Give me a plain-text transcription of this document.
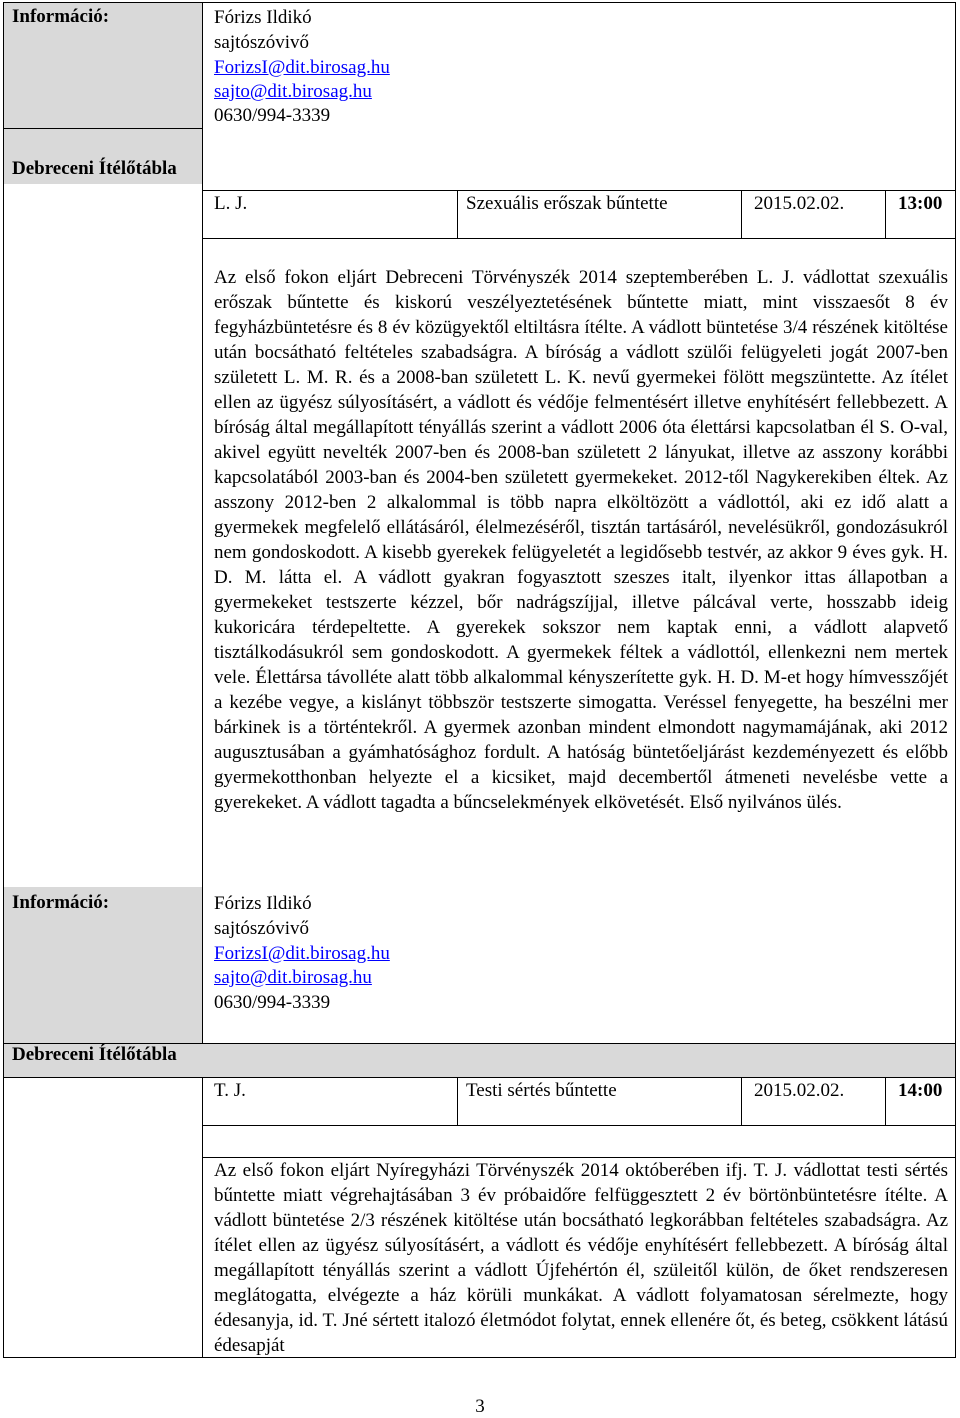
Információ:	Fórizs Ildikó
sajtószóvivő
ForizsI@dit.birosag.hu
sajto@dit.birosag.hu
0630/994-3339
Debreceni Ítélőtábla
L. J.	Szexuális erőszak bűntette	2015.02.02.	13:00
Az első fokon eljárt Debreceni Törvényszék 2014 szeptemberében L. J. vádlottat szexuális erőszak bűntette és kiskorú veszélyeztetésének bűntette miatt, mint visszaesőt 8 év fegyházbüntetésre és 8 év közügyektől eltiltásra ítélte. A vádlott büntetése 3/4 részének kitöltése után bocsátható feltételes szabadságra. A bíróság a vádlott szülői felügyeleti jogát 2007-ben született L. M. R. és a 2008-ban született L. K. nevű gyermekei fölött megszüntette. Az ítélet ellen az ügyész súlyosításért, a vádlott és védője felmentésért illetve enyhítésért fellebbezett. A bíróság által megállapított tényállás szerint a vádlott 2006 óta élettársi kapcsolatban él S. O-val, akivel együtt nevelték 2007-ben és 2008-ban született 2 lányukat, illetve az asszony korábbi kapcsolatából 2003-ban és 2004-ben született gyermekeket. 2012-től Nagykerekiben éltek. Az asszony 2012-ben 2 alkalommal is több napra elköltözött a vádlottól, aki ez idő alatt a gyermekek megfelelő ellátásáról, élelmezéséről, tisztán tartásáról, nevelésükről, gondozásukról nem gondoskodott. A kisebb gyerekek felügyeletét a legidősebb testvér, az akkor 9 éves gyk. H. D. M. látta el. A vádlott gyakran fogyasztott szeszes italt, ilyenkor ittas állapotban a gyermekeket testszerte kézzel, bőr nadrágszíjjal, illetve pálcával verte, hosszabb ideig kukoricára térdepeltette. A gyerekek sokszor nem kaptak enni, a vádlott alapvető tisztálkodásukról sem gondoskodott. A gyermekek féltek a vádlottól, ellenkezni nem mertek vele. Élettársa távolléte alatt több alkalommal kényszerítette gyk. H. D. M-et hogy hímvesszőjét a kezébe vegye, a kislányt többször testszerte simogatta. Veréssel fenyegette, ha beszélni mer bárkinek is a történtekről. A gyermek azonban mindent elmondott nagymamájának, aki 2012 augusztusában a gyámhatósághoz fordult. A hatóság büntetőeljárást kezdeményezett és előbb gyermekotthonban helyezte el a kicsiket, majd decembertől átmeneti nevelésbe vette a gyerekeket. A vádlott tagadta a bűncselekmények elkövetését. Első nyilvános ülés.
Információ:	Fórizs Ildikó
sajtószóvivő
ForizsI@dit.birosag.hu
sajto@dit.birosag.hu
0630/994-3339
Debreceni Ítélőtábla
T. J.	Testi sértés bűntette	2015.02.02.	14:00
Az első fokon eljárt Nyíregyházi Törvényszék 2014 októberében ifj. T. J. vádlottat testi sértés bűntette miatt végrehajtásában 3 év próbaidőre felfüggesztett 2 év börtönbüntetésre ítélte. A vádlott büntetése 2/3 részének kitöltése után bocsátható legkorábban feltételes szabadságra. Az ítélet ellen az ügyész súlyosításért, a vádlott és védője enyhítésért fellebbezett. A bíróság által megállapított tényállás szerint a vádlott Újfehértón él, szüleitől külön, de őket rendszeresen meglátogatta, elvégezte a ház körüli munkákat. A vádlott folyamatosan sérelmezte, hogy édesanyja, id. T. Jné sértett italozó életmódot folytat, ennek ellenére őt, és beteg, csökkent látású édesapját
3
